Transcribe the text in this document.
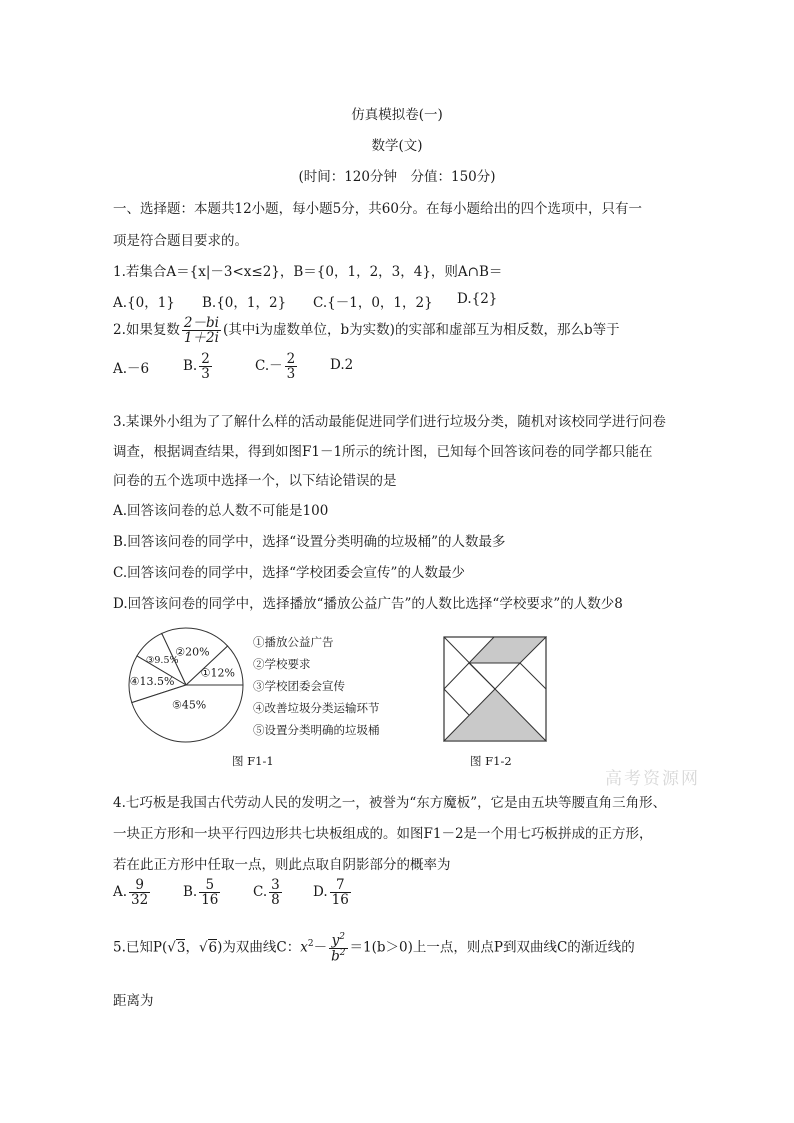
仿真模拟卷(一)
数学(文)
(时间：120分钟　分值：150分)
一、选择题：本题共12小题，每小题5分，共60分。在每小题给出的四个选项中，只有一
项是符合题目要求的。
1.若集合A＝{x|－3<x≤2}，B＝{0，1，2，3，4}，则A∩B＝
A.{0，1} B.{0，1，2} C.{－1，0，1，2} D.{2}
2.如果复数 $\frac{2-bi}{1+2i}$ (其中i为虚数单位，b为实数)的实部和虚部互为相反数，那么b等于
A.－6	B. $\frac{2}{3}$	$C.- \frac{2}{3} D.2$
3.某课外小组为了了解什么样的活动最能促进同学们进行垃圾分类，随机对该校同学进行问卷
调查，根据调查结果，得到如图F1－1所示的统计图，已知每个回答该问卷的同学都只能在
问卷的五个选项中选择一个，以下结论错误的是
A.回答该问卷的总人数不可能是100
B.回答该问卷的同学中，选择“设置分类明确的垃圾桶”的人数最多
C.回答该问卷的同学中，选择“学校团委会宣传”的人数最少
D.回答该问卷的同学中，选择播放“播放公益广告”的人数比选择“学校要求”的人数少8
①12%
②20%
③9.5%
④13.5%
⑤45%
①播放公益广告
②学校要求
③学校团委会宣传
④改善垃圾分类运输环节
⑤设置分类明确的垃圾桶
图 F1-1	图 F1-2
高考资源网
4.七巧板是我国古代劳动人民的发明之一，被誉为“东方魔板”，它是由五块等腰直角三角形、
一块正方形和一块平行四边形共七块板组成的。如图F1－2是一个用七巧板拼成的正方形，
若在此正方形中任取一点，则此点取自阴影部分的概率为
A. $\frac{9}{32} B$. $\frac{5}{16} C$. $\frac{3}{8} D$. $\frac{7}{16}$
5.已知P(√3，√6)为双曲线C：$x^2- \frac{y^2}{b^2} =1(b>0)$上一点，则点P到双曲线C的渐近线的
距离为
